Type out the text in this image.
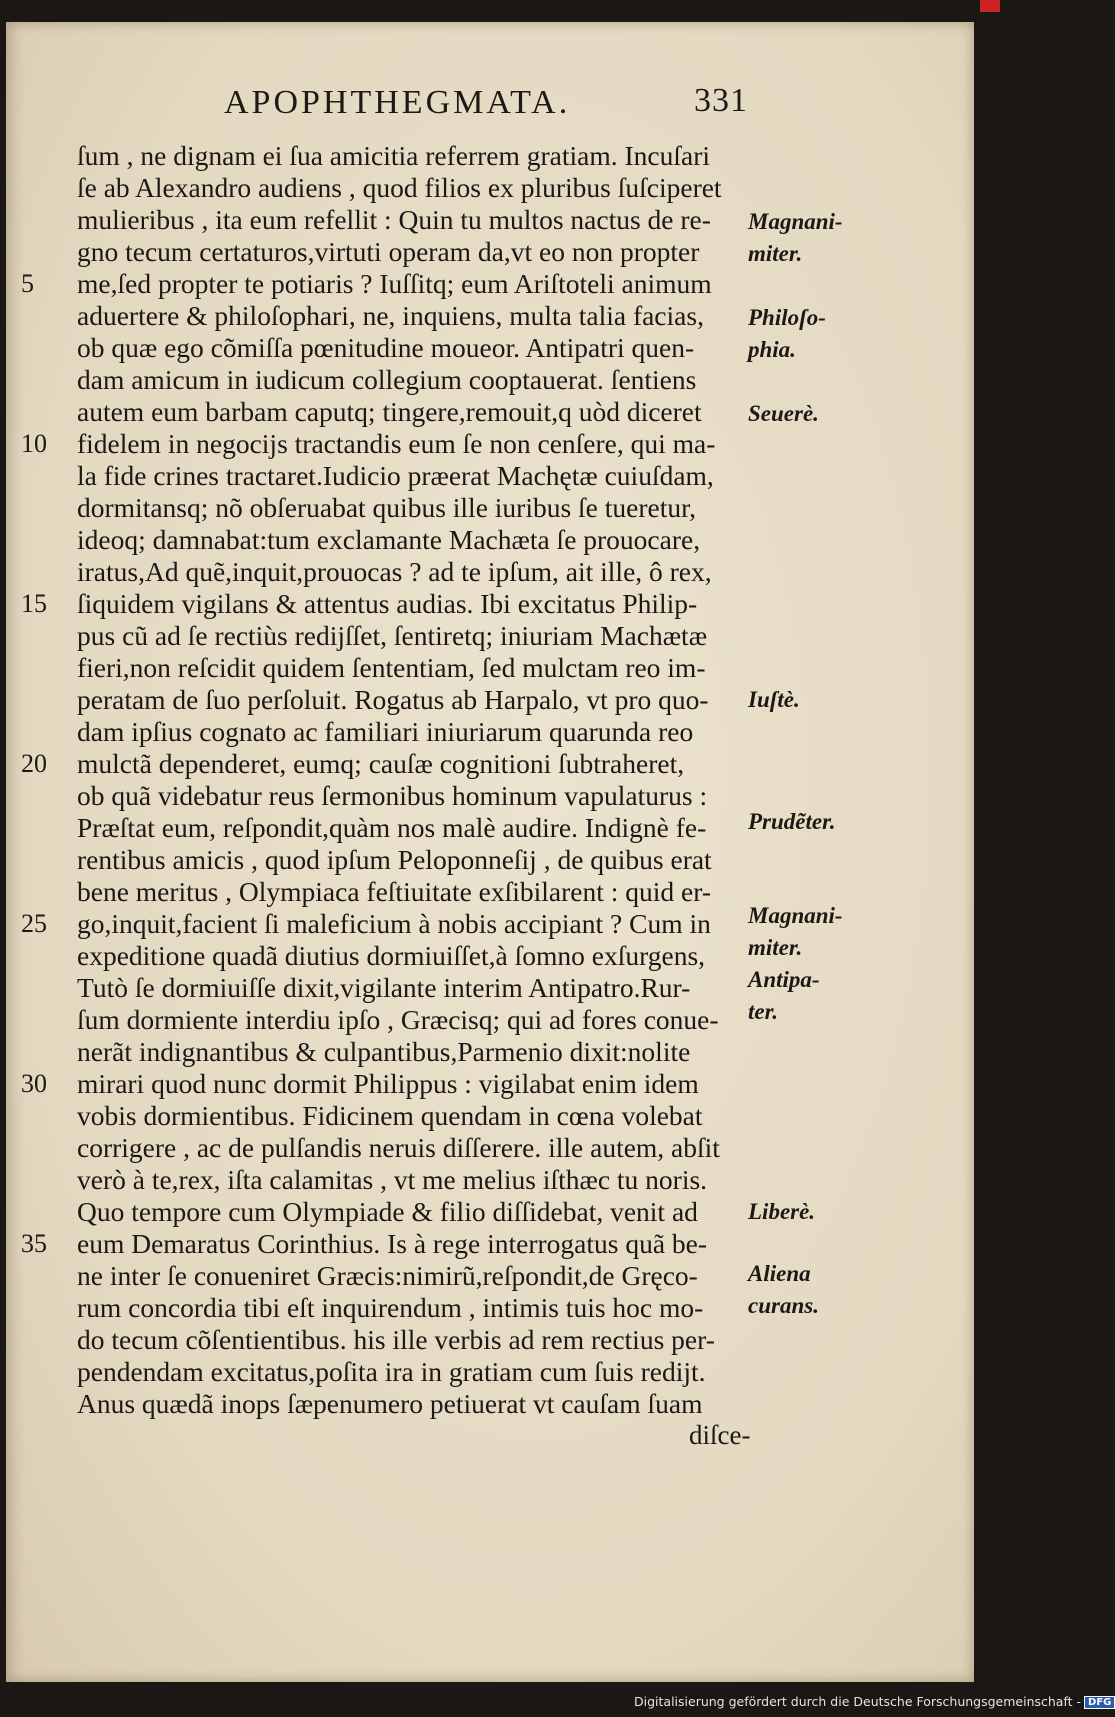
APOPHTHEGMATA.	331
ſum , ne dignam ei ſua amicitia referrem gratiam. Incuſari
ſe ab Alexandro audiens , quod filios ex pluribus ſuſciperet
mulieribus , ita eum refellit : Quin tu multos nactus de re-
gno tecum certaturos,virtuti operam da,vt eo non propter
me,ſed propter te potiaris ? Iuſſitq; eum Ariſtoteli animum
aduertere & philoſophari, ne, inquiens, multa talia facias,
ob quæ ego cõmiſſa pœnitudine moueor. Antipatri quen-
dam amicum in iudicum collegium cooptauerat. ſentiens
autem eum barbam caputq; tingere,remouit,q uòd diceret
fidelem in negocijs tractandis eum ſe non cenſere, qui ma-
la fide crines tractaret.Iudicio præerat Machętæ cuiuſdam,
dormitansq; nõ obſeruabat quibus ille iuribus ſe tueretur,
ideoq; damnabat:tum exclamante Machæta ſe prouocare,
iratus,Ad quẽ,inquit,prouocas ? ad te ipſum, ait ille, ô rex,
ſiquidem vigilans & attentus audias. Ibi excitatus Philip-
pus cũ ad ſe rectiùs redijſſet, ſentiretq; iniuriam Machætæ
fieri,non reſcidit quidem ſententiam, ſed mulctam reo im-
peratam de ſuo perſoluit. Rogatus ab Harpalo, vt pro quo-
dam ipſius cognato ac familiari iniuriarum quarunda reo
mulctã dependeret, eumq; cauſæ cognitioni ſubtraheret,
ob quã videbatur reus ſermonibus hominum vapulaturus :
Præſtat eum, reſpondit,quàm nos malè audire. Indignè fe-
rentibus amicis , quod ipſum Peloponneſij , de quibus erat
bene meritus , Olympiaca feſtiuitate exſibilarent : quid er-
go,inquit,facient ſi maleficium à nobis accipiant ? Cum in
expeditione quadã diutius dormiuiſſet,à ſomno exſurgens,
Tutò ſe dormiuiſſe dixit,vigilante interim Antipatro.Rur-
ſum dormiente interdiu ipſo , Græcisq; qui ad fores conue-
nerãt indignantibus & culpantibus,Parmenio dixit:nolite
mirari quod nunc dormit Philippus : vigilabat enim idem
vobis dormientibus. Fidicinem quendam in cœna volebat
corrigere , ac de pulſandis neruis diſſerere. ille autem, abſit
verò à te,rex, iſta calamitas , vt me melius iſthæc tu noris.
Quo tempore cum Olympiade & filio diſſidebat, venit ad
eum Demaratus Corinthius. Is à rege interrogatus quã be-
ne inter ſe conueniret Græcis:nimirũ,reſpondit,de Gręco-
rum concordia tibi eſt inquirendum , intimis tuis hoc mo-
do tecum cõſentientibus. his ille verbis ad rem rectius per-
pendendam excitatus,poſita ira in gratiam cum ſuis redijt.
Anus quædã inops ſæpenumero petiuerat vt cauſam ſuam
5
10
15
20
25
30
35
Magnani-
miter.
Philoſo-
phia.
Seuerè.
Iuſtè.
Prudẽter.
Magnani-
miter.
Antipa-
ter.
Liberè.
Aliena
curans.
diſce-
Digitalisierung gefördert durch die Deutsche Forschungsgemeinschaft - DFG
